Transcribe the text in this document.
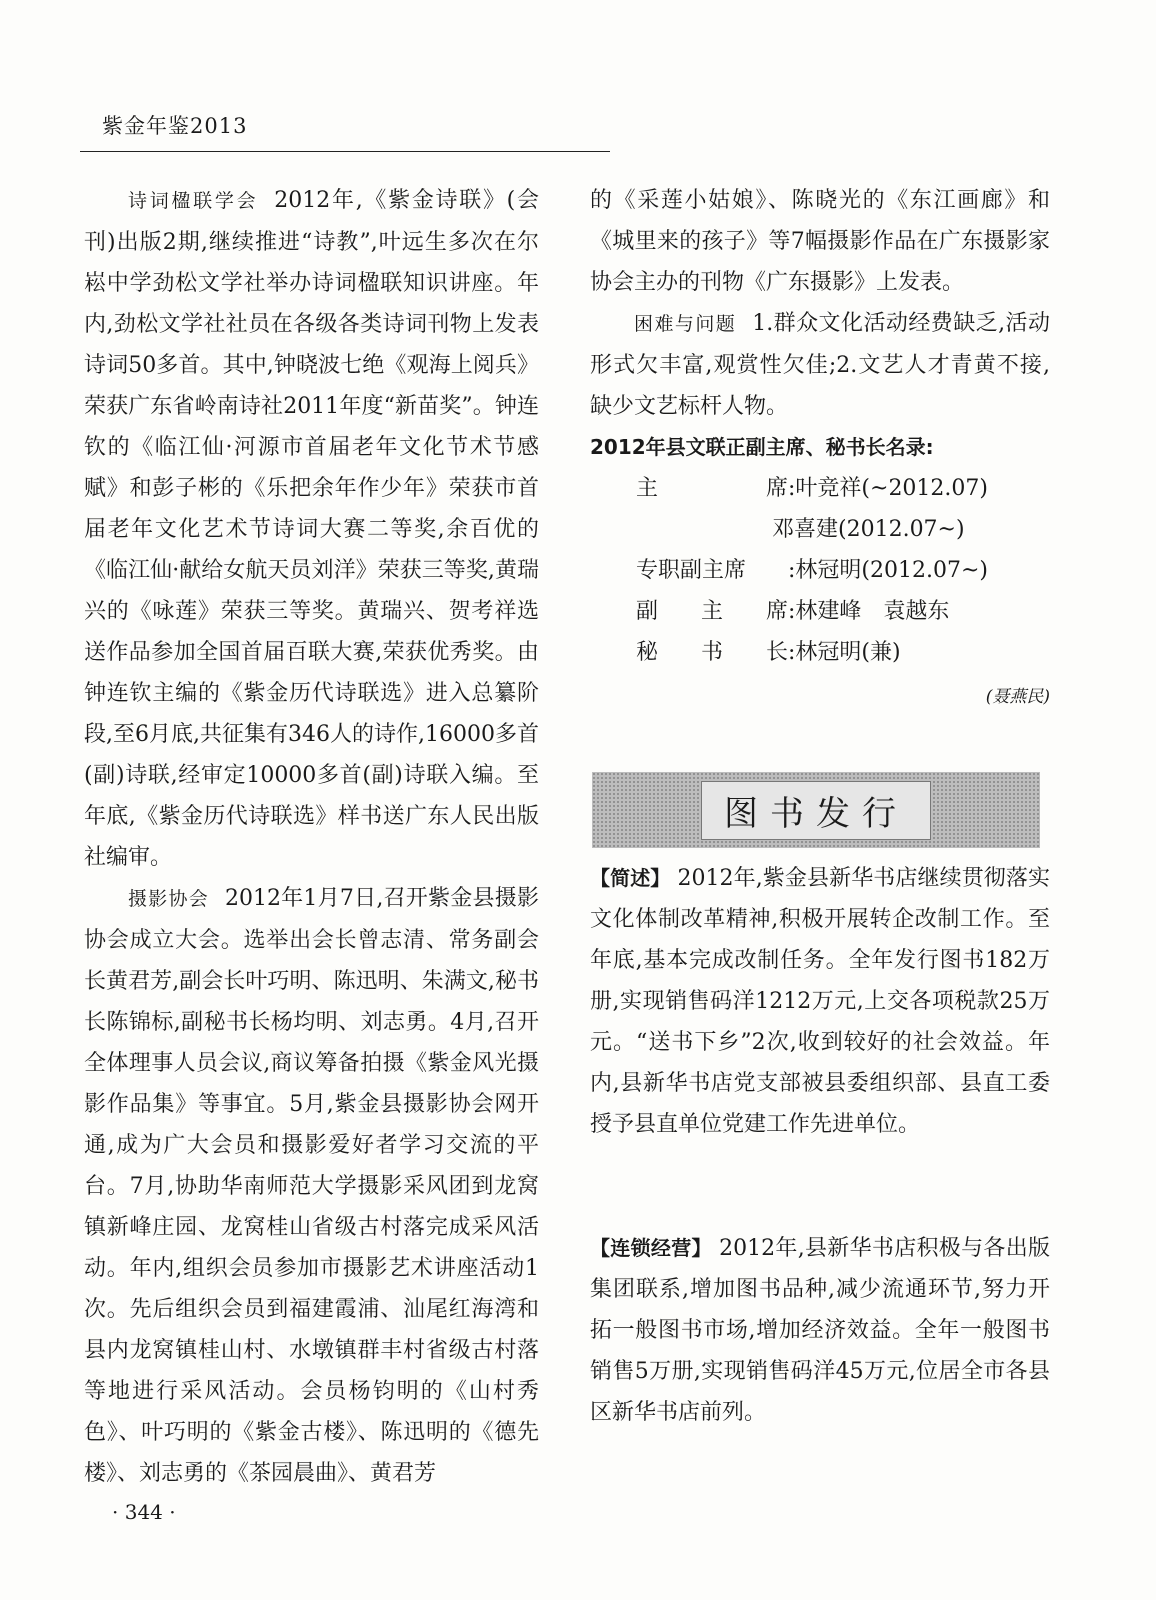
紫金年鉴2013

诗词楹联学会 2012年,《紫金诗联》(会刊)出版2期,继续推进“诗教”,叶远生多次在尔崧中学劲松文学社举办诗词楹联知识讲座。年内,劲松文学社社员在各级各类诗词刊物上发表诗词50多首。其中,钟晓波七绝《观海上阅兵》荣获广东省岭南诗社2011年度“新苗奖”。钟连钦的《临江仙·河源市首届老年文化节术节感赋》和彭子彬的《乐把余年作少年》荣获市首届老年文化艺术节诗词大赛二等奖,余百优的《临江仙·献给女航天员刘洋》荣获三等奖,黄瑞兴的《咏莲》荣获三等奖。黄瑞兴、贺考祥选送作品参加全国首届百联大赛,荣获优秀奖。由钟连钦主编的《紫金历代诗联选》进入总纂阶段,至6月底,共征集有346人的诗作,16000多首(副)诗联,经审定10000多首(副)诗联入编。至年底,《紫金历代诗联选》样书送广东人民出版社编审。

摄影协会 2012年1月7日,召开紫金县摄影协会成立大会。选举出会长曾志清、常务副会长黄君芳,副会长叶巧明、陈迅明、朱满文,秘书长陈锦标,副秘书长杨均明、刘志勇。4月,召开全体理事人员会议,商议筹备拍摄《紫金风光摄影作品集》等事宜。5月,紫金县摄影协会网开通,成为广大会员和摄影爱好者学习交流的平台。7月,协助华南师范大学摄影采风团到龙窝镇新峰庄园、龙窝桂山省级古村落完成采风活动。年内,组织会员参加市摄影艺术讲座活动1次。先后组织会员到福建霞浦、汕尾红海湾和县内龙窝镇桂山村、水墩镇群丰村省级古村落等地进行采风活动。会员杨钧明的《山村秀色》、叶巧明的《紫金古楼》、陈迅明的《德先楼》、刘志勇的《茶园晨曲》、黄君芳

的《采莲小姑娘》、陈晓光的《东江画廊》和《城里来的孩子》等7幅摄影作品在广东摄影家协会主办的刊物《广东摄影》上发表。

困难与问题 1.群众文化活动经费缺乏,活动形式欠丰富,观赏性欠佳;2.文艺人才青黄不接,缺少文艺标杆人物。

2012年县文联正副主席、秘书长名录:

主	席 : 叶竞祥(~2012.07)
邓喜建(2012.07~)
专职副主席	: 林冠明(2012.07~)
副 主 席 : 林建峰　袁越东
秘 书 长 : 林冠明(兼)
(聂燕民)
图书发行

【简述】 2012年,紫金县新华书店继续贯彻落实文化体制改革精神,积极开展转企改制工作。至年底,基本完成改制任务。全年发行图书182万册,实现销售码洋1212万元,上交各项税款25万元。“送书下乡”2次,收到较好的社会效益。年内,县新华书店党支部被县委组织部、县直工委授予县直单位党建工作先进单位。

【连锁经营】 2012年,县新华书店积极与各出版集团联系,增加图书品种,减少流通环节,努力开拓一般图书市场,增加经济效益。全年一般图书销售5万册,实现销售码洋45万元,位居全市各县区新华书店前列。

· 344 ·
